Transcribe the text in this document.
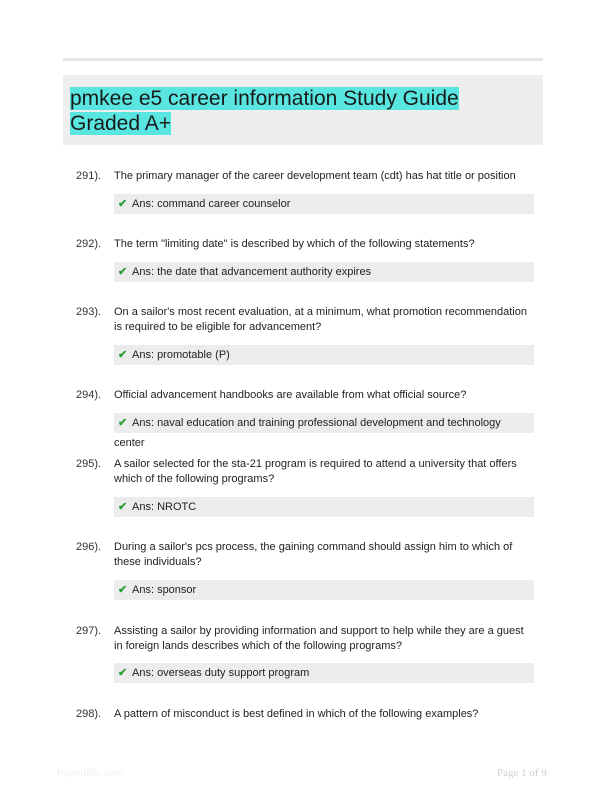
pmkee e5 career information Study Guide
Graded A+
291). The primary manager of the career development team (cdt) has hat title or position
✔ Ans: command career counselor
292). The term "limiting date" is described by which of the following statements?
✔ Ans: the date that advancement authority expires
293). On a sailor's most recent evaluation, at a minimum, what promotion recommendation is required to be eligible for advancement?
✔ Ans: promotable (P)
294). Official advancement handbooks are available from what official source?
✔ Ans: naval education and training professional development and technology center
295). A sailor selected for the sta-21 program is required to attend a university that offers which of the following programs?
✔ Ans: NROTC
296). During a sailor's pcs process, the gaining command should assign him to which of these individuals?
✔ Ans: sponsor
297). Assisting a sailor by providing information and support to help while they are a guest in foreign lands describes which of the following programs?
✔ Ans: overseas duty support program
298). A pattern of misconduct is best defined in which of the following examples?
Papertiftic.com	Page 1 of 9
